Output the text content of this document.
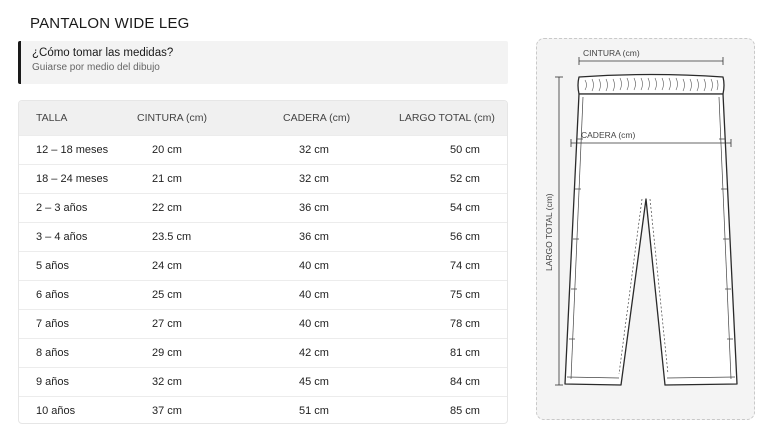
PANTALON WIDE LEG
¿Cómo tomar las medidas?
Guiarse por medio del dibujo
TALLA	CINTURA (cm)	CADERA (cm)	LARGO TOTAL (cm)
12 – 18 meses	20 cm	32 cm	50 cm
18 – 24 meses	21 cm	32 cm	52 cm
2 – 3 años	22 cm	36 cm	54 cm
3 – 4 años	23.5 cm	36 cm	56 cm
5 años	24 cm	40 cm	74 cm
6 años	25 cm	40 cm	75 cm
7 años	27 cm	40 cm	78 cm
8 años	29 cm	42 cm	81 cm
9 años	32 cm	45 cm	84 cm
10 años	37 cm	51 cm	85 cm
CINTURA (cm)
CADERA (cm)
LARGO TOTAL (cm)
